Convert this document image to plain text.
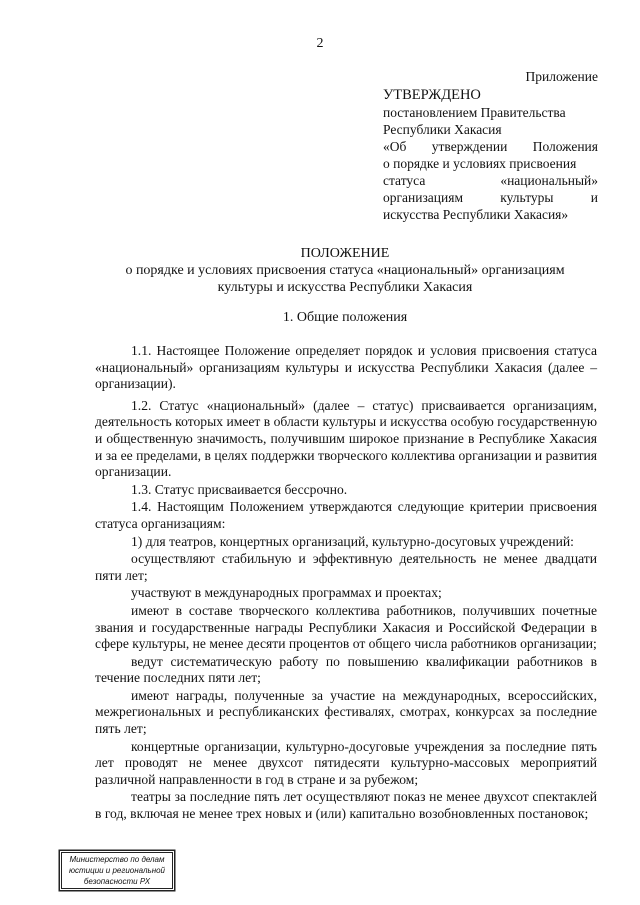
2
Приложение
УТВЕРЖДЕНО
постановлением Правительства
Республики Хакасия
«Об утверждении Положения
о порядке и условиях присвоения
статуса «национальный»
организациям культуры и
искусства Республики Хакасия»
ПОЛОЖЕНИЕ
о порядке и условиях присвоения статуса «национальный» организациям
культуры и искусства Республики Хакасия
1. Общие положения

1.1. Настоящее Положение определяет порядок и условия присвоения статуса «национальный» организациям культуры и искусства Республики Хакасия (далее – организации).

1.2. Статус «национальный» (далее – статус) присваивается организациям, деятельность которых имеет в области культуры и искусства особую государственную и общественную значимость, получившим широкое признание в Республике Хакасия и за ее пределами, в целях поддержки творческого коллектива организации и развития организации.

1.3. Статус присваивается бессрочно.

1.4. Настоящим Положением утверждаются следующие критерии присвоения статуса организациям:

1) для театров, концертных организаций, культурно-досуговых учреждений:

осуществляют стабильную и эффективную деятельность не менее двадцати пяти лет;

участвуют в международных программах и проектах;

имеют в составе творческого коллектива работников, получивших почетные звания и государственные награды Республики Хакасия и Российской Федерации в сфере культуры, не менее десяти процентов от общего числа работников организации;

ведут систематическую работу по повышению квалификации работников в течение последних пяти лет;

имеют награды, полученные за участие на международных, всероссийских, межрегиональных и республиканских фестивалях, смотрах, конкурсах за последние пять лет;

концертные организации, культурно-досуговые учреждения за последние пять лет проводят не менее двухсот пятидесяти культурно-массовых мероприятий различной направленности в год в стране и за рубежом;

театры за последние пять лет осуществляют показ не менее двухсот спектаклей в год, включая не менее трех новых и (или) капитально возобновленных постановок;

Министерство по делам
юстиции и региональной
безопасности РХ
